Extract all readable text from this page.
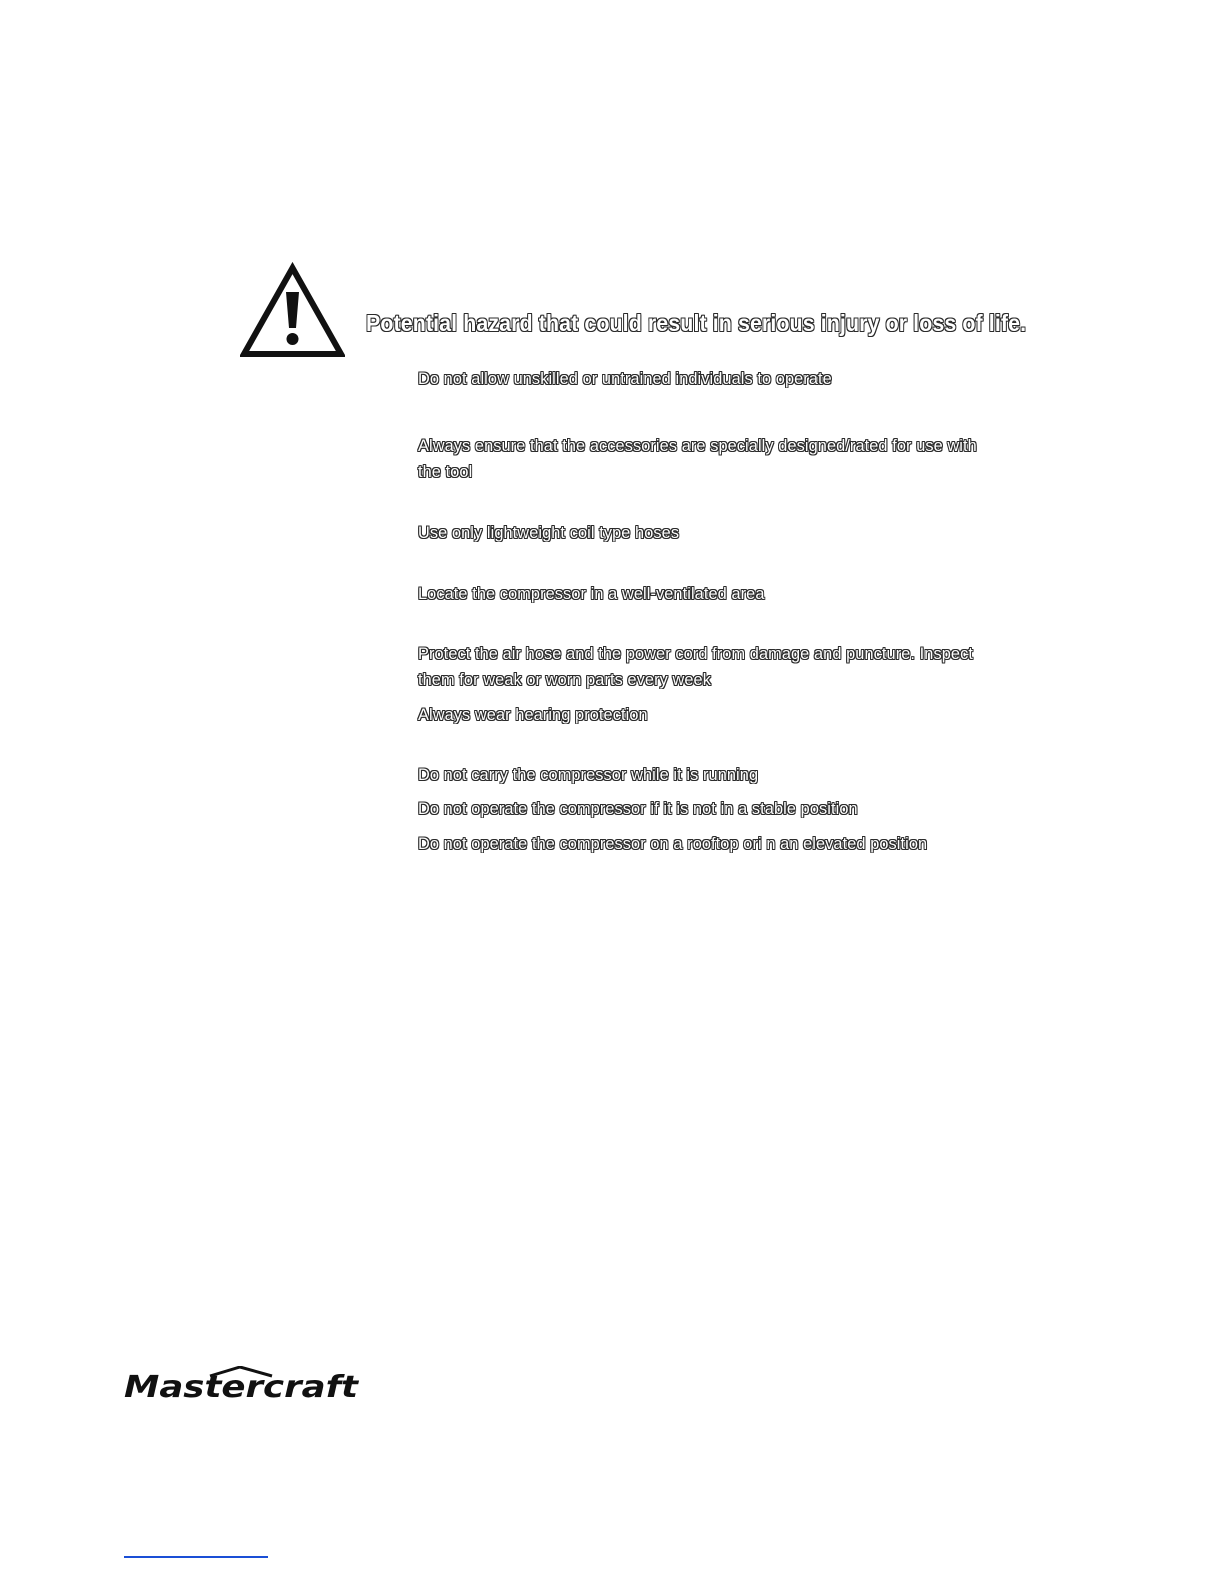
Potential hazard that could result in serious injury or loss of life.
Do not allow unskilled or untrained individuals to operate
Always ensure that the accessories are specially designed/rated for use with
the tool
Use only lightweight coil type hoses
Locate the compressor in a well-ventilated area
Protect the air hose and the power cord from damage and puncture. Inspect
them for weak or worn parts every week
Always wear hearing protection
Do not carry the compressor while it is running
Do not operate the compressor if it is not in a stable position
Do not operate the compressor on a rooftop ori n an elevated position
Mastercraft
